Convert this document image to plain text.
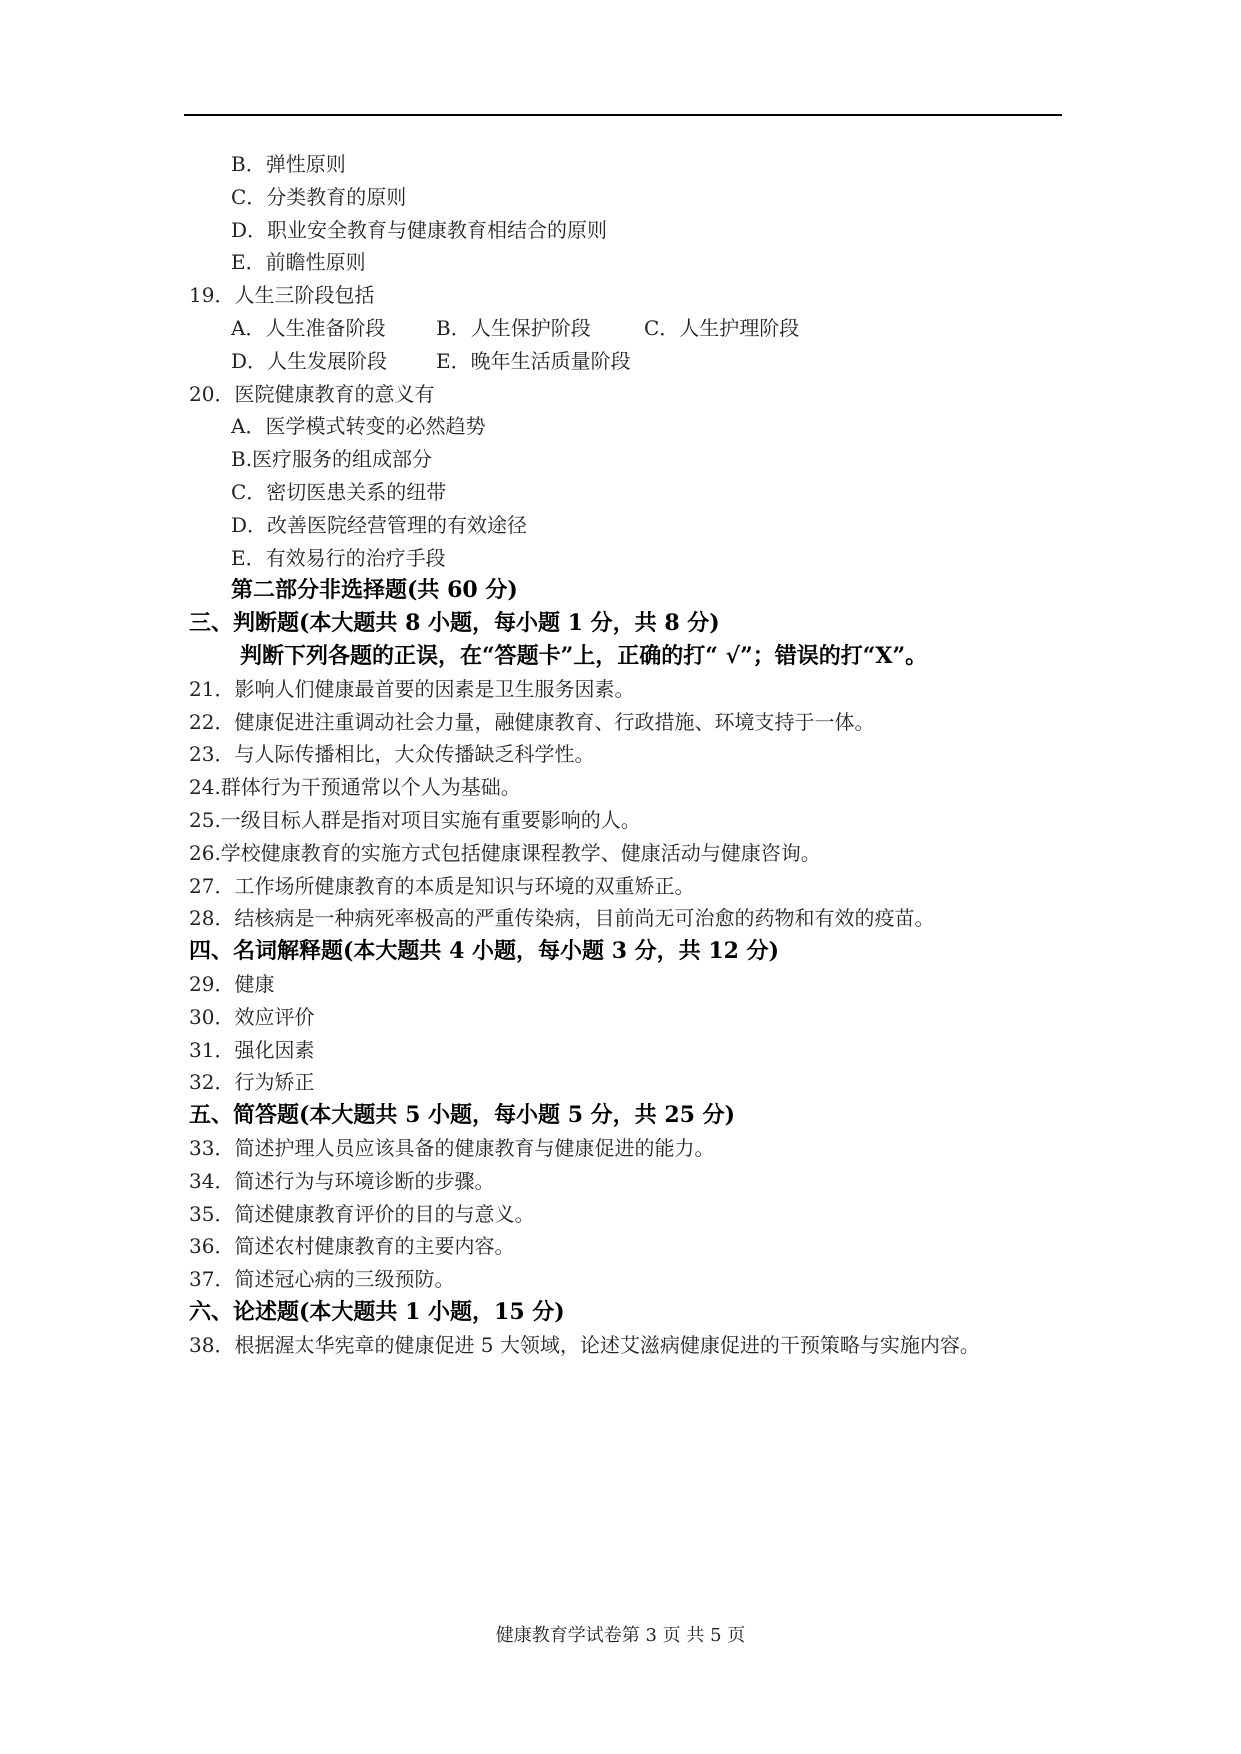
B．弹性原则
C．分类教育的原则
D．职业安全教育与健康教育相结合的原则
E．前瞻性原则
19．人生三阶段包括
A．人生准备阶段	B．人生保护阶段	C．人生护理阶段
D．人生发展阶段 E．晚年生活质量阶段
20．医院健康教育的意义有
A．医学模式转变的必然趋势
B.医疗服务的组成部分
C．密切医患关系的纽带
D．改善医院经营管理的有效途径
E．有效易行的治疗手段
第二部分非选择题(共 60 分)
三、判断题(本大题共 8 小题，每小题 1 分，共 8 分)
判断下列各题的正误，在“答题卡”上，正确的打“ √”；错误的打“X”。
21．影响人们健康最首要的因素是卫生服务因素。
22．健康促进注重调动社会力量，融健康教育、行政措施、环境支持于一体。
23．与人际传播相比，大众传播缺乏科学性。
24.群体行为干预通常以个人为基础。
25.一级目标人群是指对项目实施有重要影响的人。
26.学校健康教育的实施方式包括健康课程教学、健康活动与健康咨询。
27．工作场所健康教育的本质是知识与环境的双重矫正。
28．结核病是一种病死率极高的严重传染病，目前尚无可治愈的药物和有效的疫苗。
四、名词解释题(本大题共 4 小题，每小题 3 分，共 12 分)
29．健康
30．效应评价
31．强化因素
32．行为矫正
五、简答题(本大题共 5 小题，每小题 5 分，共 25 分)
33．简述护理人员应该具备的健康教育与健康促进的能力。
34．简述行为与环境诊断的步骤。
35．简述健康教育评价的目的与意义。
36．简述农村健康教育的主要内容。
37．简述冠心病的三级预防。
六、论述题(本大题共 1 小题，15 分)
38．根据渥太华宪章的健康促进 5 大领域，论述艾滋病健康促进的干预策略与实施内容。
健康教育学试卷第 3 页 共 5 页
